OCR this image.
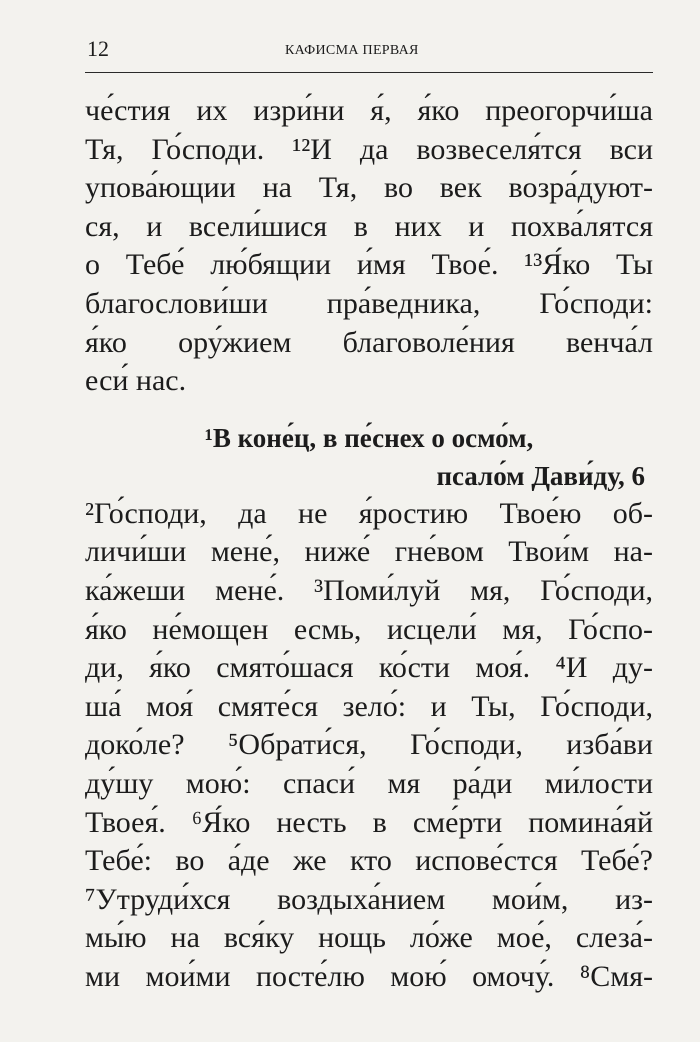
12	КАФИСМА ПЕРВАЯ
че́стия их изри́ни я́, я́ко преогорчи́ша
Тя, Го́споди. ¹²И да возвеселя́тся вси
упова́ющии на Тя, во век возра́дуют-
ся, и всели́шися в них и похва́лятся
о Тебе́ лю́бящии и́мя Твое́. ¹³Я́ко Ты
благослови́ши пра́ведника, Го́споди:
я́ко ору́жием благоволе́ния венча́л
еси́ нас.
¹В коне́ц, в пе́снех о осмо́м,
псало́м Дави́ду, 6
²Го́споди, да не я́ростию Твое́ю об-
личи́ши мене́, ниже́ гне́вом Твои́м на-
ка́жеши мене́. ³Поми́луй мя, Го́споди,
я́ко не́мощен есмь, исцели́ мя, Го́спо-
ди, я́ко смято́шася ко́сти моя́. ⁴И ду-
ша́ моя́ смяте́ся зело́: и Ты, Го́споди,
доко́ле? ⁵Обрати́ся, Го́споди, изба́ви
ду́шу мою́: спаси́ мя ра́ди ми́лости
Твоея́. ⁶Я́ко несть в сме́рти помина́яй
Тебе́: во а́де же кто испове́стся Тебе́?
⁷Утруди́хся воздыха́нием мои́м, из-
мы́ю на вся́ку нощь ло́же мое́, слеза́-
ми мои́ми посте́лю мою́ омочу́. ⁸Смя-
